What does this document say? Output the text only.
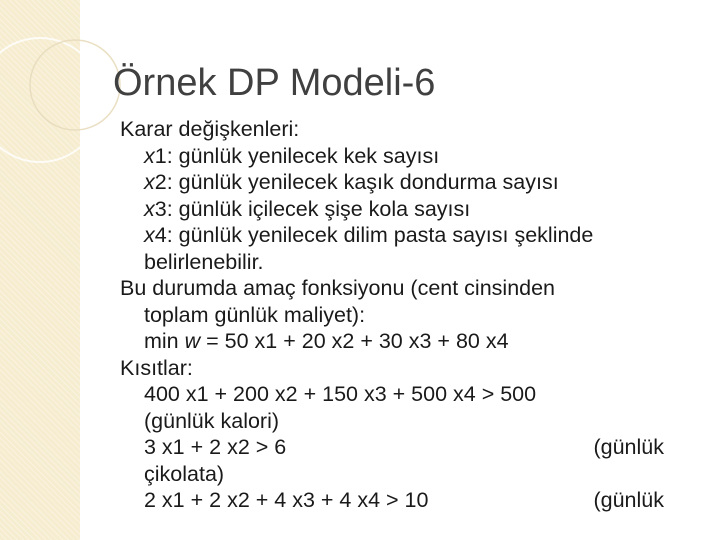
Örnek DP Modeli-6
Karar değişkenleri:
x1: günlük yenilecek kek sayısı
x2: günlük yenilecek kaşık dondurma sayısı
x3: günlük içilecek şişe kola sayısı
x4: günlük yenilecek dilim pasta sayısı şeklinde
belirlenebilir.
Bu durumda amaç fonksiyonu (cent cinsinden
toplam günlük maliyet):
min w = 50 x1 + 20 x2 + 30 x3 + 80 x4
Kısıtlar:
400 x1 + 200 x2 + 150 x3 + 500 x4 > 500
(günlük kalori)
3 x1 + 2 x2 > 6	(günlük
çikolata)
2 x1 + 2 x2 + 4 x3 + 4 x4 > 10	(günlük
